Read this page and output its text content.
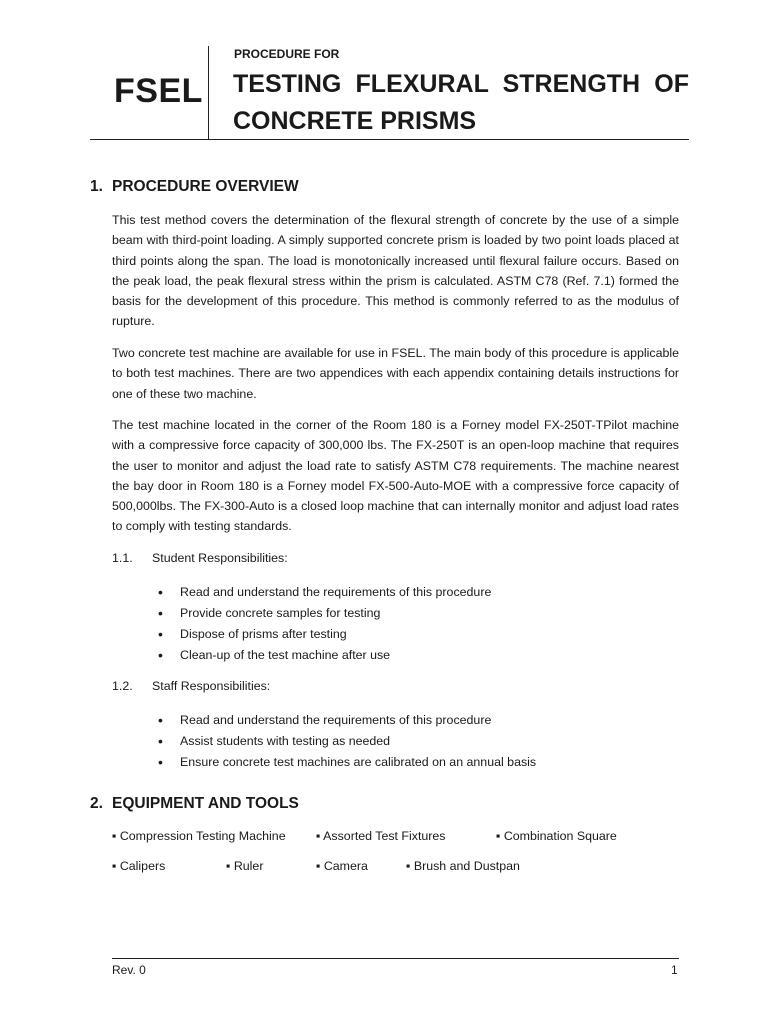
FSEL
PROCEDURE FOR
TESTING FLEXURAL STRENGTH OF
CONCRETE PRISMS
1. PROCEDURE OVERVIEW
This test method covers the determination of the flexural strength of concrete by the use of a simple beam with third-point loading. A simply supported concrete prism is loaded by two point loads placed at third points along the span. The load is monotonically increased until flexural failure occurs. Based on the peak load, the peak flexural stress within the prism is calculated. ASTM C78 (Ref. 7.1) formed the basis for the development of this procedure. This method is commonly referred to as the modulus of rupture.
Two concrete test machine are available for use in FSEL. The main body of this procedure is applicable to both test machines. There are two appendices with each appendix containing details instructions for one of these two machine.
The test machine located in the corner of the Room 180 is a Forney model FX-250T-TPilot machine with a compressive force capacity of 300,000 lbs. The FX-250T is an open-loop machine that requires the user to monitor and adjust the load rate to satisfy ASTM C78 requirements. The machine nearest the bay door in Room 180 is a Forney model FX-500-Auto-MOE with a compressive force capacity of 500,000lbs. The FX-300-Auto is a closed loop machine that can internally monitor and adjust load rates to comply with testing standards.
1.1. Student Responsibilities:
• Read and understand the requirements of this procedure
• Provide concrete samples for testing
• Dispose of prisms after testing
• Clean-up of the test machine after use
1.2. Staff Responsibilities:
• Read and understand the requirements of this procedure
• Assist students with testing as needed
• Ensure concrete test machines are calibrated on an annual basis
2. EQUIPMENT AND TOOLS
▪ Compression Testing Machine ▪ Assorted Test Fixtures	▪ Combination Square
▪ Calipers	▪ Ruler	▪ Camera	▪ Brush and Dustpan
Rev. 0	1
